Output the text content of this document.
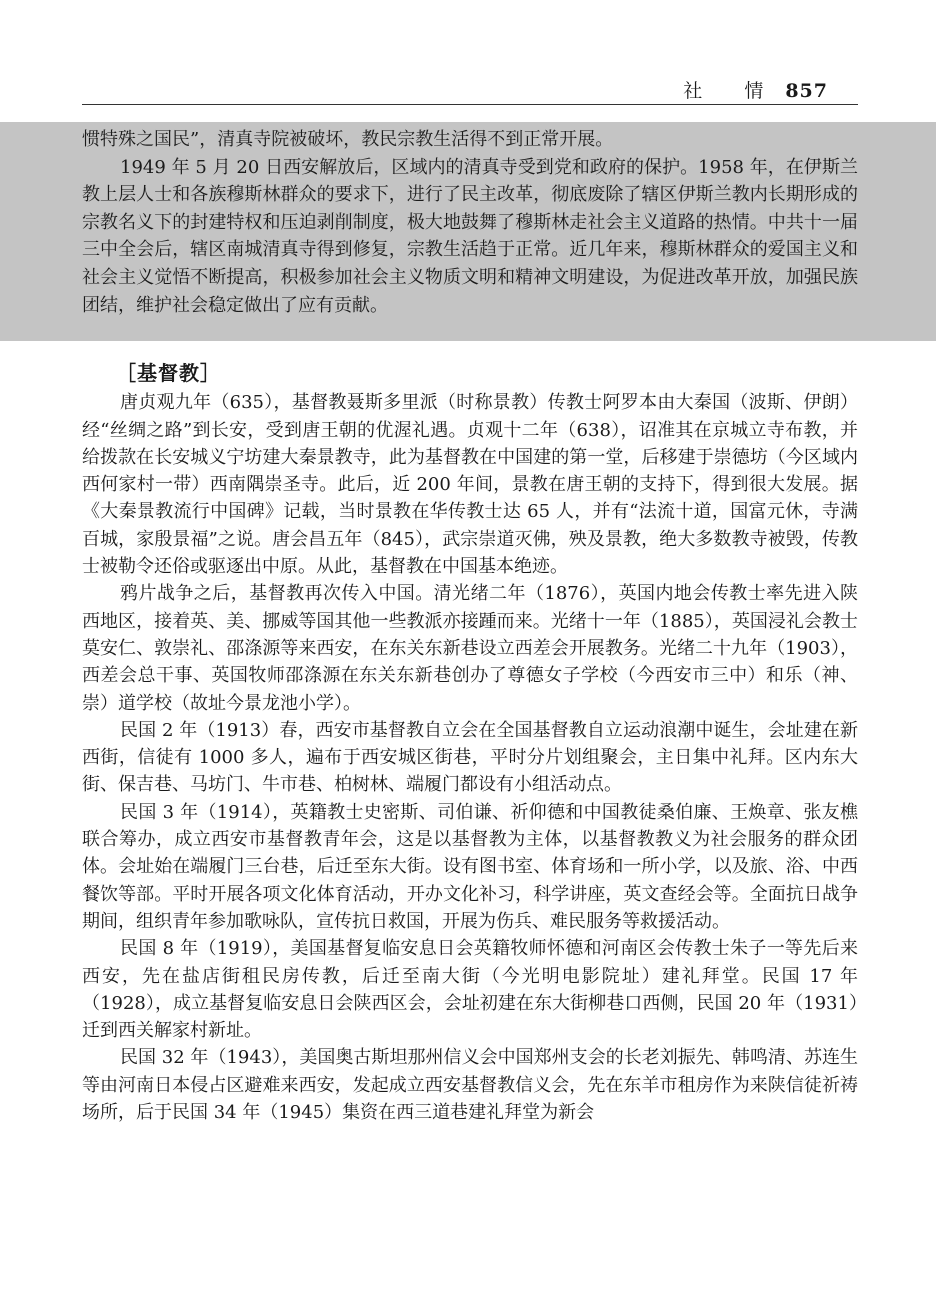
社 情 857

惯特殊之国民”，清真寺院被破坏，教民宗教生活得不到正常开展。

1949 年 5 月 20 日西安解放后，区域内的清真寺受到党和政府的保护。1958 年，在伊斯兰教上层人士和各族穆斯林群众的要求下，进行了民主改革，彻底废除了辖区伊斯兰教内长期形成的宗教名义下的封建特权和压迫剥削制度，极大地鼓舞了穆斯林走社会主义道路的热情。中共十一届三中全会后，辖区南城清真寺得到修复，宗教生活趋于正常。近几年来，穆斯林群众的爱国主义和社会主义觉悟不断提高，积极参加社会主义物质文明和精神文明建设，为促进改革开放，加强民族团结，维护社会稳定做出了应有贡献。

［基督教］

唐贞观九年（635），基督教聂斯多里派（时称景教）传教士阿罗本由大秦国（波斯、伊朗）经“丝绸之路”到长安，受到唐王朝的优渥礼遇。贞观十二年（638），诏准其在京城立寺布教，并给拨款在长安城义宁坊建大秦景教寺，此为基督教在中国建的第一堂，后移建于崇德坊（今区域内西何家村一带）西南隅崇圣寺。此后，近 200 年间，景教在唐王朝的支持下，得到很大发展。据《大秦景教流行中国碑》记载，当时景教在华传教士达 65 人，并有“法流十道，国富元休，寺满百城，家殷景福”之说。唐会昌五年（845），武宗崇道灭佛，殃及景教，绝大多数教寺被毁，传教士被勒令还俗或驱逐出中原。从此，基督教在中国基本绝迹。

鸦片战争之后，基督教再次传入中国。清光绪二年（1876），英国内地会传教士率先进入陕西地区，接着英、美、挪威等国其他一些教派亦接踵而来。光绪十一年（1885），英国浸礼会教士莫安仁、敦崇礼、邵涤源等来西安，在东关东新巷设立西差会开展教务。光绪二十九年（1903），西差会总干事、英国牧师邵涤源在东关东新巷创办了尊德女子学校（今西安市三中）和乐（神、崇）道学校（故址今景龙池小学）。

民国 2 年（1913）春，西安市基督教自立会在全国基督教自立运动浪潮中诞生，会址建在新西街，信徒有 1000 多人，遍布于西安城区街巷，平时分片划组聚会，主日集中礼拜。区内东大街、保吉巷、马坊门、牛市巷、柏树林、端履门都设有小组活动点。

民国 3 年（1914），英籍教士史密斯、司伯谦、祈仰德和中国教徒桑伯廉、王焕章、张友樵联合筹办，成立西安市基督教青年会，这是以基督教为主体，以基督教教义为社会服务的群众团体。会址始在端履门三台巷，后迁至东大街。设有图书室、体育场和一所小学，以及旅、浴、中西餐饮等部。平时开展各项文化体育活动，开办文化补习，科学讲座，英文查经会等。全面抗日战争期间，组织青年参加歌咏队，宣传抗日救国，开展为伤兵、难民服务等救援活动。

民国 8 年（1919），美国基督复临安息日会英籍牧师怀德和河南区会传教士朱子一等先后来西安，先在盐店街租民房传教，后迁至南大街（今光明电影院址）建礼拜堂。民国 17 年（1928），成立基督复临安息日会陕西区会，会址初建在东大街柳巷口西侧，民国 20 年（1931）迁到西关解家村新址。

民国 32 年（1943），美国奥古斯坦那州信义会中国郑州支会的长老刘振先、韩鸣清、苏连生等由河南日本侵占区避难来西安，发起成立西安基督教信义会，先在东羊市租房作为来陕信徒祈祷场所，后于民国 34 年（1945）集资在西三道巷建礼拜堂为新会
